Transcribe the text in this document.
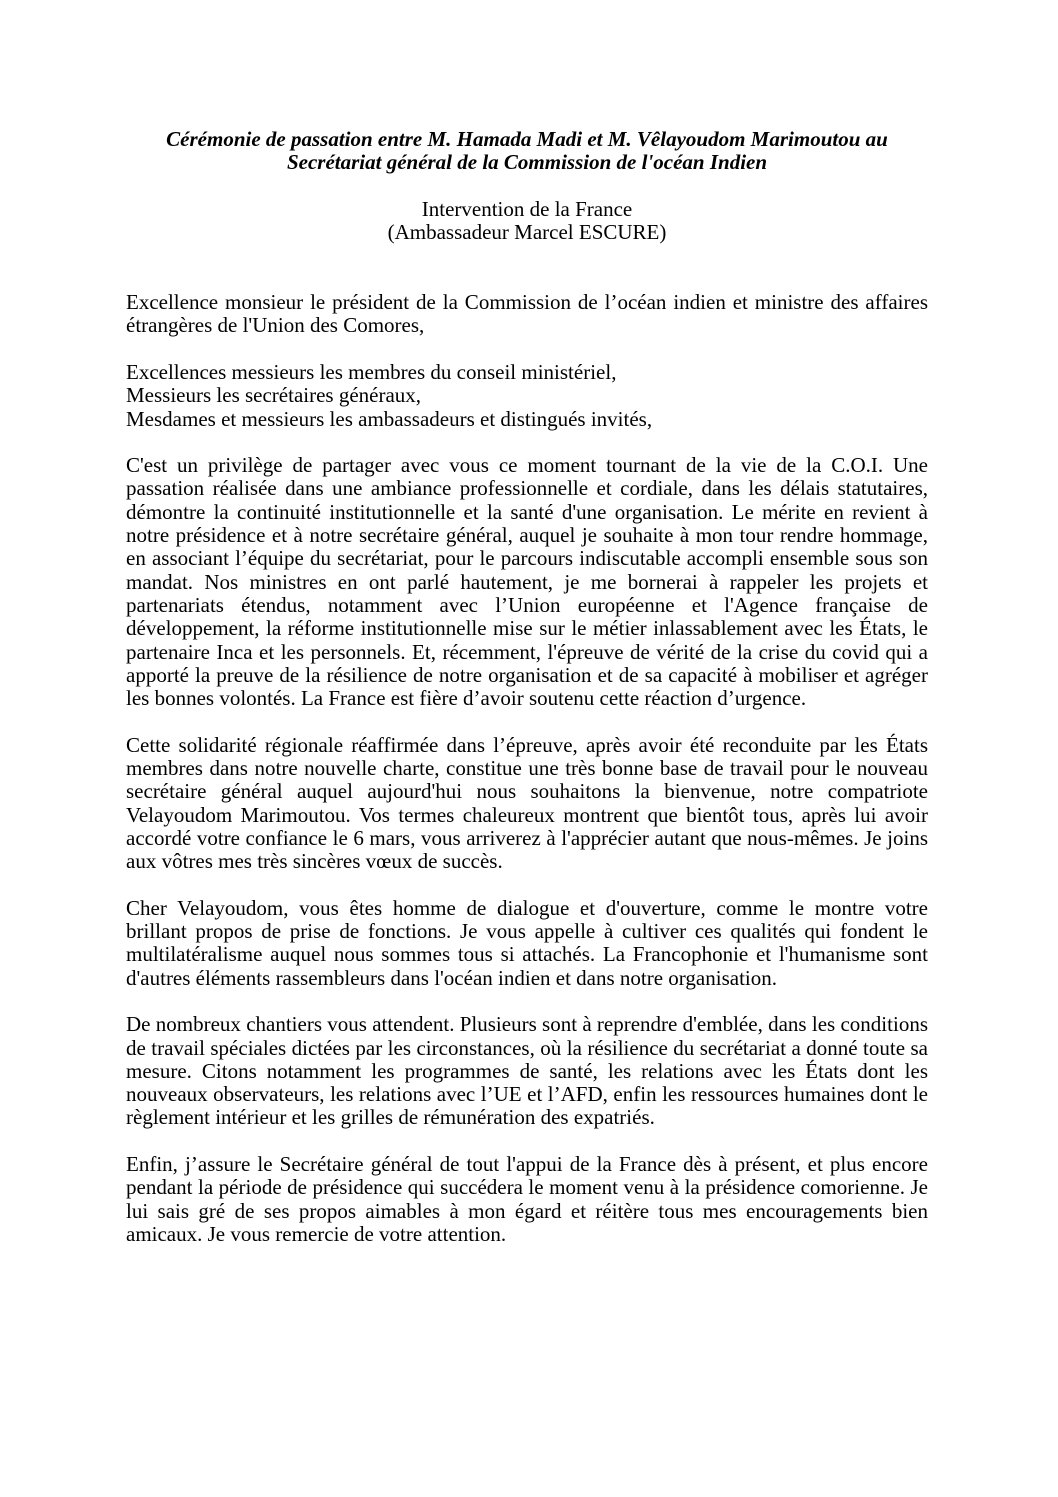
Cérémonie de passation entre M. Hamada Madi et M. Vêlayoudom Marimoutou au
Secrétariat général de la Commission de l'océan Indien
Intervention de la France
(Ambassadeur Marcel ESCURE)

Excellence monsieur le président de la Commission de l’océan indien et ministre des affaires étrangères de l'Union des Comores,

Excellences messieurs les membres du conseil ministériel,
Messieurs les secrétaires généraux,
Mesdames et messieurs les ambassadeurs et distingués invités,

C'est un privilège de partager avec vous ce moment tournant de la vie de la C.O.I. Une passation réalisée dans une ambiance professionnelle et cordiale, dans les délais statutaires, démontre la continuité institutionnelle et la santé d'une organisation. Le mérite en revient à notre présidence et à notre secrétaire général, auquel je souhaite à mon tour rendre hommage, en associant l’équipe du secrétariat, pour le parcours indiscutable accompli ensemble sous son mandat. Nos ministres en ont parlé hautement, je me bornerai à rappeler les projets et partenariats étendus, notamment avec l’Union européenne et l'Agence française de développement, la réforme institutionnelle mise sur le métier inlassablement avec les États, le partenaire Inca et les personnels. Et, récemment, l'épreuve de vérité de la crise du covid qui a apporté la preuve de la résilience de notre organisation et de sa capacité à mobiliser et agréger les bonnes volontés. La France est fière d’avoir soutenu cette réaction d’urgence.

Cette solidarité régionale réaffirmée dans l’épreuve, après avoir été reconduite par les États membres dans notre nouvelle charte, constitue une très bonne base de travail pour le nouveau secrétaire général auquel aujourd'hui nous souhaitons la bienvenue, notre compatriote Velayoudom Marimoutou. Vos termes chaleureux montrent que bientôt tous, après lui avoir accordé votre confiance le 6 mars, vous arriverez à l'apprécier autant que nous-mêmes. Je joins aux vôtres mes très sincères vœux de succès.

Cher Velayoudom, vous êtes homme de dialogue et d'ouverture, comme le montre votre brillant propos de prise de fonctions. Je vous appelle à cultiver ces qualités qui fondent le multilatéralisme auquel nous sommes tous si attachés. La Francophonie et l'humanisme sont d'autres éléments rassembleurs dans l'océan indien et dans notre organisation.

De nombreux chantiers vous attendent. Plusieurs sont à reprendre d'emblée, dans les conditions de travail spéciales dictées par les circonstances, où la résilience du secrétariat a donné toute sa mesure. Citons notamment les programmes de santé, les relations avec les États dont les nouveaux observateurs, les relations avec l’UE et l’AFD, enfin les ressources humaines dont le règlement intérieur et les grilles de rémunération des expatriés.

Enfin, j’assure le Secrétaire général de tout l'appui de la France dès à présent, et plus encore pendant la période de présidence qui succédera le moment venu à la présidence comorienne. Je lui sais gré de ses propos aimables à mon égard et réitère tous mes encouragements bien amicaux. Je vous remercie de votre attention.
